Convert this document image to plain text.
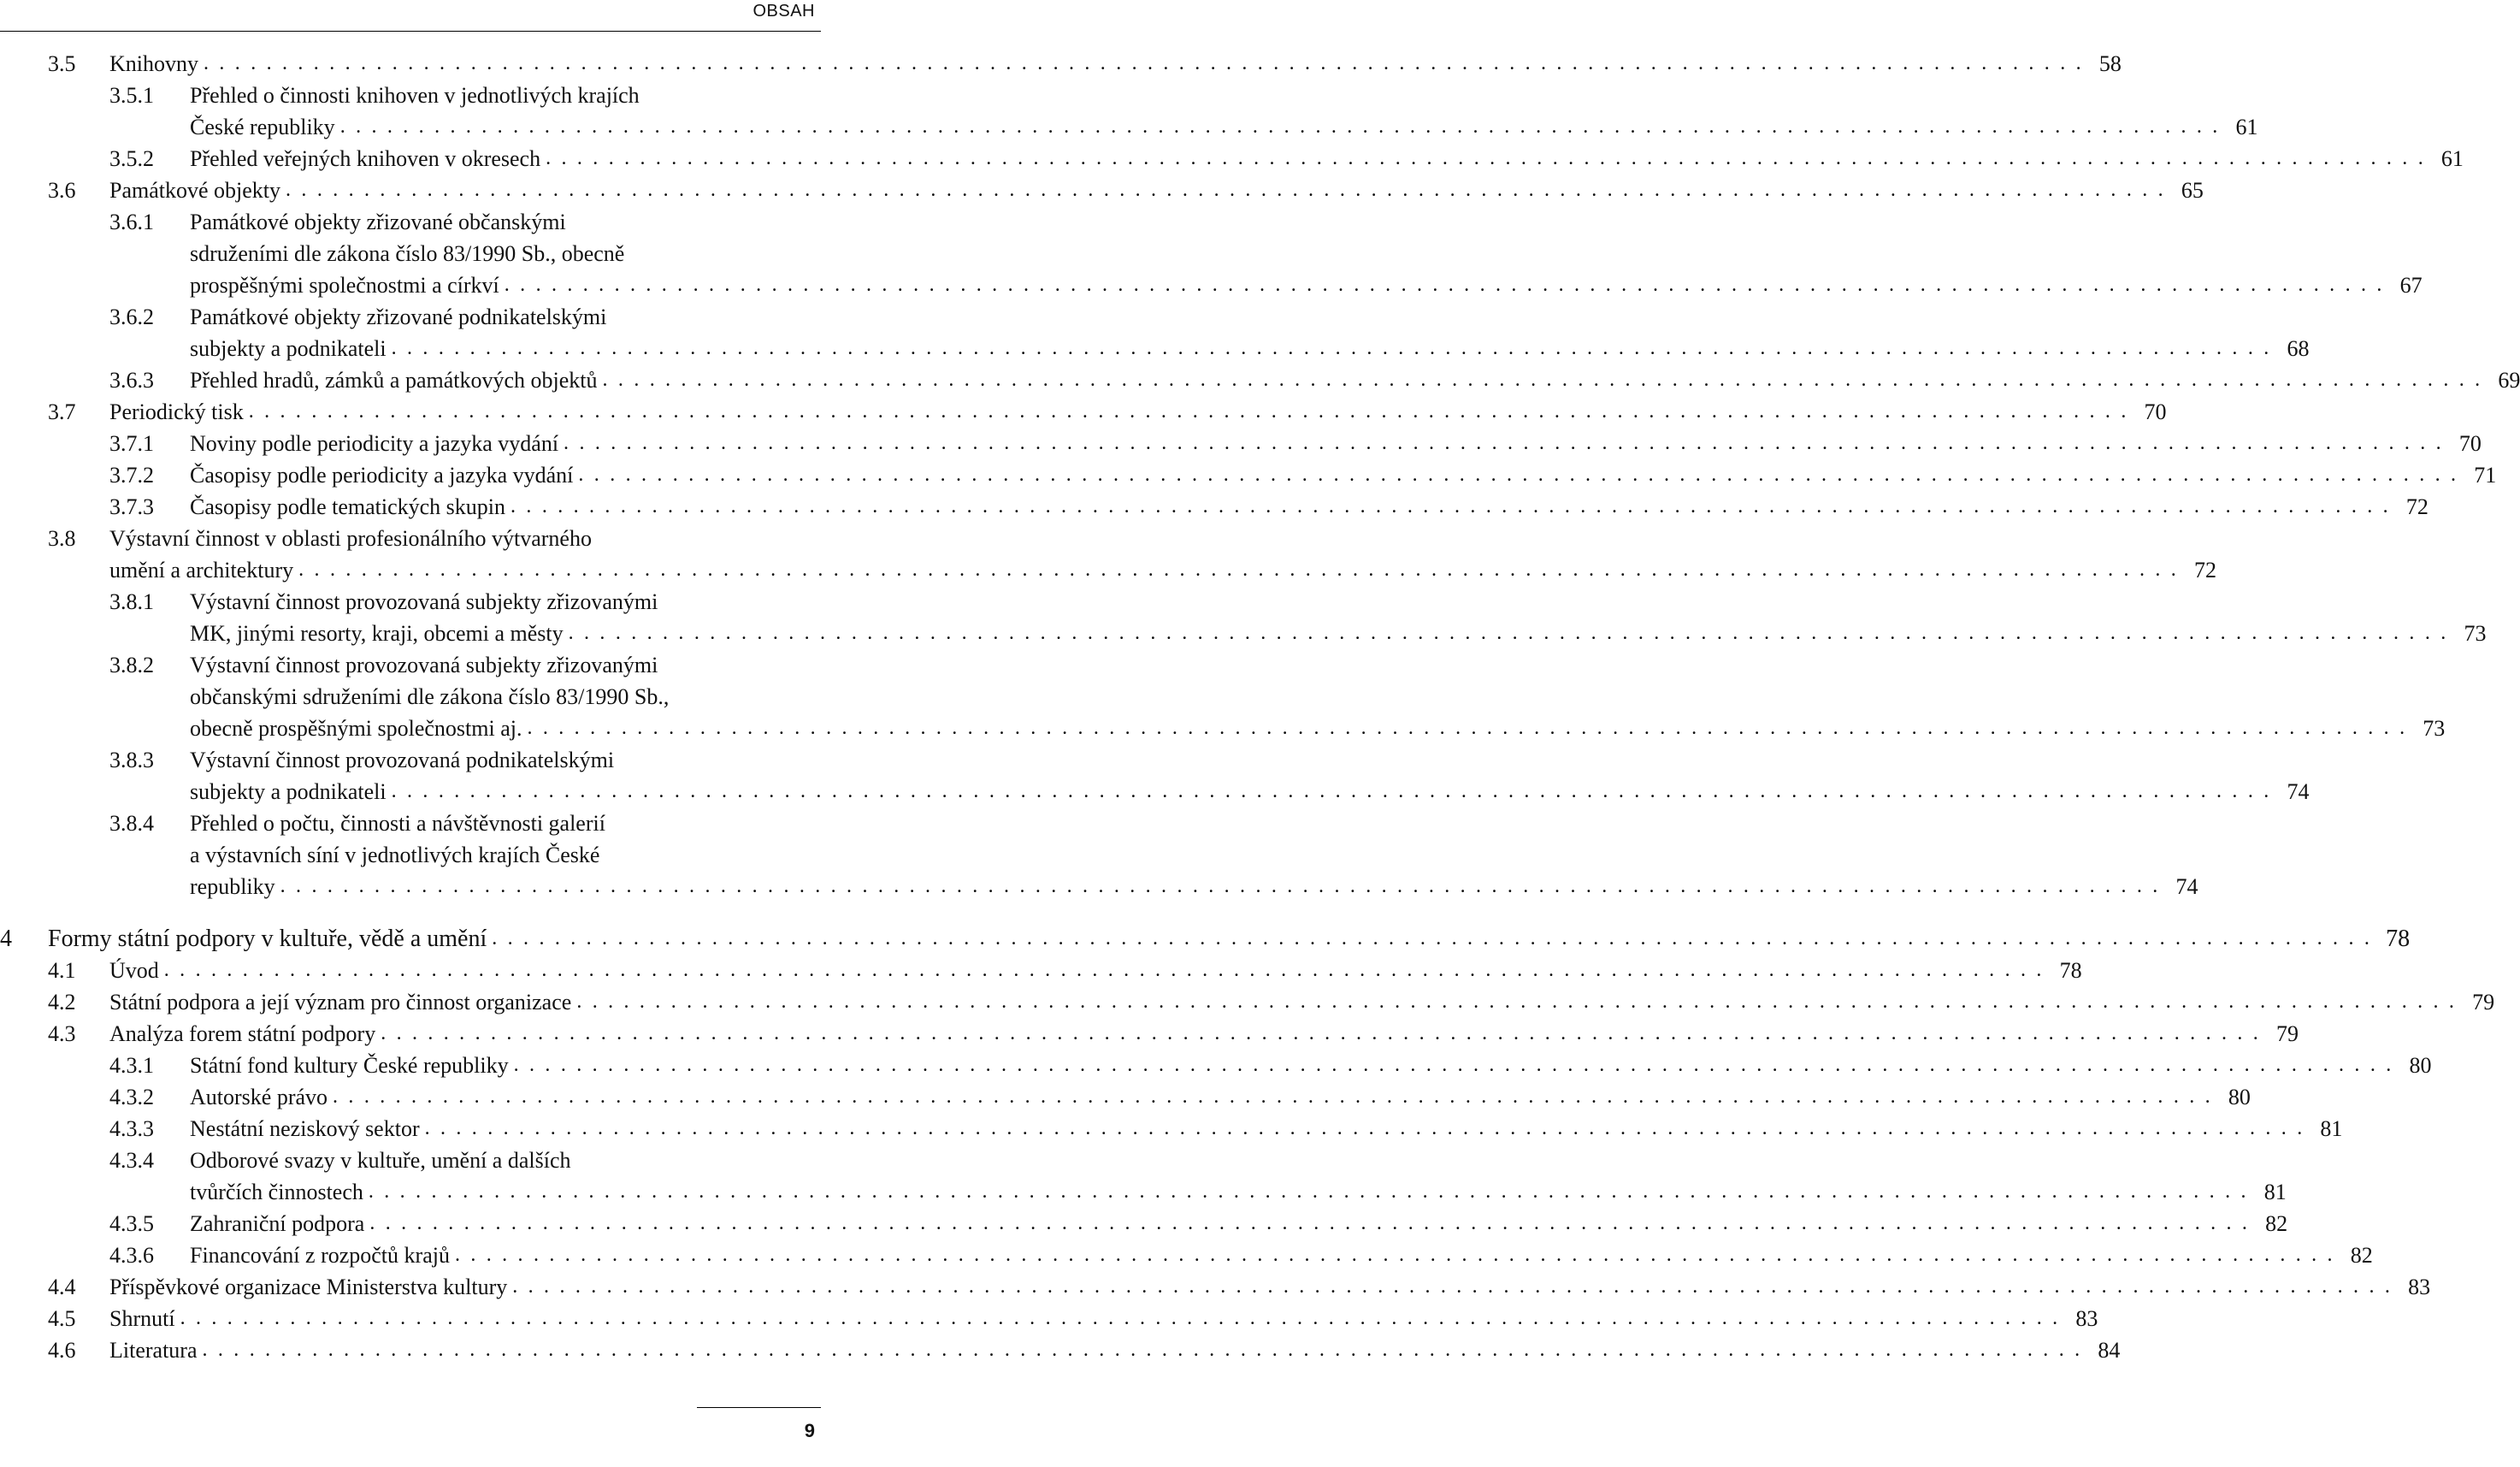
OBSAH
3.5 Knihovny . . . . . . . . . . . . . . . . . . . . . . . . . . . . . . . . . . . . . . . . . . . . . . . . . . . . . . . . . . . . . . . . . . . . . . . . . . . . . . . . . . . . . . . . . . . . . . . . . . . . . . . . . . . . . . . . . . . . . . . . 58
3.5.1 Přehled o činnosti knihoven v jednotlivých krajích
České republiky . . . . . . . . . . . . . . . . . . . . . . . . . . . . . . . . . . . . . . . . . . . . . . . . . . . . . . . . . . . . . . . . . . . . . . . . . . . . . . . . . . . . . . . . . . . . . . . . . . . . . . . . . . . . . . . . . . . . . . . . 61
3.5.2 Přehled veřejných knihoven v okresech . . . . . . . . . . . . . . . . . . . . . . . . . . . . . . . . . . . . . . . . . . . . . . . . . . . . . . . . . . . . . . . . . . . . . . . . . . . . . . . . . . . . . . . . . . . . . . . . . . . . . . . . . . . . . . . . . . . . . . . . 61
3.6 Památkové objekty . . . . . . . . . . . . . . . . . . . . . . . . . . . . . . . . . . . . . . . . . . . . . . . . . . . . . . . . . . . . . . . . . . . . . . . . . . . . . . . . . . . . . . . . . . . . . . . . . . . . . . . . . . . . . . . . . . . . . . . . 65
3.6.1 Památkové objekty zřizované občanskými
sdruženími dle zákona číslo 83/1990 Sb., obecně
prospěšnými společnostmi a církví . . . . . . . . . . . . . . . . . . . . . . . . . . . . . . . . . . . . . . . . . . . . . . . . . . . . . . . . . . . . . . . . . . . . . . . . . . . . . . . . . . . . . . . . . . . . . . . . . . . . . . . . . . . . . . . . . . . . . . . . 67
3.6.2 Památkové objekty zřizované podnikatelskými
subjekty a podnikateli . . . . . . . . . . . . . . . . . . . . . . . . . . . . . . . . . . . . . . . . . . . . . . . . . . . . . . . . . . . . . . . . . . . . . . . . . . . . . . . . . . . . . . . . . . . . . . . . . . . . . . . . . . . . . . . . . . . . . . . . 68
3.6.3 Přehled hradů, zámků a památkových objektů . . . . . . . . . . . . . . . . . . . . . . . . . . . . . . . . . . . . . . . . . . . . . . . . . . . . . . . . . . . . . . . . . . . . . . . . . . . . . . . . . . . . . . . . . . . . . . . . . . . . . . . . . . . . . . . . . . . . . . . . 69
3.7 Periodický tisk . . . . . . . . . . . . . . . . . . . . . . . . . . . . . . . . . . . . . . . . . . . . . . . . . . . . . . . . . . . . . . . . . . . . . . . . . . . . . . . . . . . . . . . . . . . . . . . . . . . . . . . . . . . . . . . . . . . . . . . . 70
3.7.1 Noviny podle periodicity a jazyka vydání . . . . . . . . . . . . . . . . . . . . . . . . . . . . . . . . . . . . . . . . . . . . . . . . . . . . . . . . . . . . . . . . . . . . . . . . . . . . . . . . . . . . . . . . . . . . . . . . . . . . . . . . . . . . . . . . . . . . . . . . 70
3.7.2 Časopisy podle periodicity a jazyka vydání . . . . . . . . . . . . . . . . . . . . . . . . . . . . . . . . . . . . . . . . . . . . . . . . . . . . . . . . . . . . . . . . . . . . . . . . . . . . . . . . . . . . . . . . . . . . . . . . . . . . . . . . . . . . . . . . . . . . . . . . 71
3.7.3 Časopisy podle tematických skupin . . . . . . . . . . . . . . . . . . . . . . . . . . . . . . . . . . . . . . . . . . . . . . . . . . . . . . . . . . . . . . . . . . . . . . . . . . . . . . . . . . . . . . . . . . . . . . . . . . . . . . . . . . . . . . . . . . . . . . . . 72
3.8 Výstavní činnost v oblasti profesionálního výtvarného
umění a architektury . . . . . . . . . . . . . . . . . . . . . . . . . . . . . . . . . . . . . . . . . . . . . . . . . . . . . . . . . . . . . . . . . . . . . . . . . . . . . . . . . . . . . . . . . . . . . . . . . . . . . . . . . . . . . . . . . . . . . . . . 72
3.8.1 Výstavní činnost provozovaná subjekty zřizovanými
MK, jinými resorty, kraji, obcemi a městy . . . . . . . . . . . . . . . . . . . . . . . . . . . . . . . . . . . . . . . . . . . . . . . . . . . . . . . . . . . . . . . . . . . . . . . . . . . . . . . . . . . . . . . . . . . . . . . . . . . . . . . . . . . . . . . . . . . . . . . . 73
3.8.2 Výstavní činnost provozovaná subjekty zřizovanými
občanskými sdruženími dle zákona číslo 83/1990 Sb.,
obecně prospěšnými společnostmi aj. . . . . . . . . . . . . . . . . . . . . . . . . . . . . . . . . . . . . . . . . . . . . . . . . . . . . . . . . . . . . . . . . . . . . . . . . . . . . . . . . . . . . . . . . . . . . . . . . . . . . . . . . . . . . . . . . . . . . . . . . 73
3.8.3 Výstavní činnost provozovaná podnikatelskými
subjekty a podnikateli . . . . . . . . . . . . . . . . . . . . . . . . . . . . . . . . . . . . . . . . . . . . . . . . . . . . . . . . . . . . . . . . . . . . . . . . . . . . . . . . . . . . . . . . . . . . . . . . . . . . . . . . . . . . . . . . . . . . . . . . 74
3.8.4 Přehled o počtu, činnosti a návštěvnosti galerií
a výstavních síní v jednotlivých krajích České
republiky . . . . . . . . . . . . . . . . . . . . . . . . . . . . . . . . . . . . . . . . . . . . . . . . . . . . . . . . . . . . . . . . . . . . . . . . . . . . . . . . . . . . . . . . . . . . . . . . . . . . . . . . . . . . . . . . . . . . . . . . 74
4 Formy státní podpory v kultuře, vědě a umění . . . . . . . . . . . . . . . . . . . . . . . . . . . . . . . . . . . . . . . . . . . . . . . . . . . . . . . . . . . . . . . . . . . . . . . . . . . . . . . . . . . . . . . . . . . . . . . . . . . . . . . . . . . . . . . . . . . . . . . . 78
4.1 Úvod . . . . . . . . . . . . . . . . . . . . . . . . . . . . . . . . . . . . . . . . . . . . . . . . . . . . . . . . . . . . . . . . . . . . . . . . . . . . . . . . . . . . . . . . . . . . . . . . . . . . . . . . . . . . . . . . . . . . . . . . 78
4.2 Státní podpora a její význam pro činnost organizace . . . . . . . . . . . . . . . . . . . . . . . . . . . . . . . . . . . . . . . . . . . . . . . . . . . . . . . . . . . . . . . . . . . . . . . . . . . . . . . . . . . . . . . . . . . . . . . . . . . . . . . . . . . . . . . . . . . . . . . . 79
4.3 Analýza forem státní podpory . . . . . . . . . . . . . . . . . . . . . . . . . . . . . . . . . . . . . . . . . . . . . . . . . . . . . . . . . . . . . . . . . . . . . . . . . . . . . . . . . . . . . . . . . . . . . . . . . . . . . . . . . . . . . . . . . . . . . . . . 79
4.3.1 Státní fond kultury České republiky . . . . . . . . . . . . . . . . . . . . . . . . . . . . . . . . . . . . . . . . . . . . . . . . . . . . . . . . . . . . . . . . . . . . . . . . . . . . . . . . . . . . . . . . . . . . . . . . . . . . . . . . . . . . . . . . . . . . . . . . 80
4.3.2 Autorské právo . . . . . . . . . . . . . . . . . . . . . . . . . . . . . . . . . . . . . . . . . . . . . . . . . . . . . . . . . . . . . . . . . . . . . . . . . . . . . . . . . . . . . . . . . . . . . . . . . . . . . . . . . . . . . . . . . . . . . . . . 80
4.3.3 Nestátní neziskový sektor . . . . . . . . . . . . . . . . . . . . . . . . . . . . . . . . . . . . . . . . . . . . . . . . . . . . . . . . . . . . . . . . . . . . . . . . . . . . . . . . . . . . . . . . . . . . . . . . . . . . . . . . . . . . . . . . . . . . . . . . 81
4.3.4 Odborové svazy v kultuře, umění a dalších
tvůrčích činnostech . . . . . . . . . . . . . . . . . . . . . . . . . . . . . . . . . . . . . . . . . . . . . . . . . . . . . . . . . . . . . . . . . . . . . . . . . . . . . . . . . . . . . . . . . . . . . . . . . . . . . . . . . . . . . . . . . . . . . . . . 81
4.3.5 Zahraniční podpora . . . . . . . . . . . . . . . . . . . . . . . . . . . . . . . . . . . . . . . . . . . . . . . . . . . . . . . . . . . . . . . . . . . . . . . . . . . . . . . . . . . . . . . . . . . . . . . . . . . . . . . . . . . . . . . . . . . . . . . . 82
4.3.6 Financování z rozpočtů krajů . . . . . . . . . . . . . . . . . . . . . . . . . . . . . . . . . . . . . . . . . . . . . . . . . . . . . . . . . . . . . . . . . . . . . . . . . . . . . . . . . . . . . . . . . . . . . . . . . . . . . . . . . . . . . . . . . . . . . . . . 82
4.4 Příspěvkové organizace Ministerstva kultury . . . . . . . . . . . . . . . . . . . . . . . . . . . . . . . . . . . . . . . . . . . . . . . . . . . . . . . . . . . . . . . . . . . . . . . . . . . . . . . . . . . . . . . . . . . . . . . . . . . . . . . . . . . . . . . . . . . . . . . . 83
4.5 Shrnutí . . . . . . . . . . . . . . . . . . . . . . . . . . . . . . . . . . . . . . . . . . . . . . . . . . . . . . . . . . . . . . . . . . . . . . . . . . . . . . . . . . . . . . . . . . . . . . . . . . . . . . . . . . . . . . . . . . . . . . . . 83
4.6 Literatura . . . . . . . . . . . . . . . . . . . . . . . . . . . . . . . . . . . . . . . . . . . . . . . . . . . . . . . . . . . . . . . . . . . . . . . . . . . . . . . . . . . . . . . . . . . . . . . . . . . . . . . . . . . . . . . . . . . . . . . . 84
9
